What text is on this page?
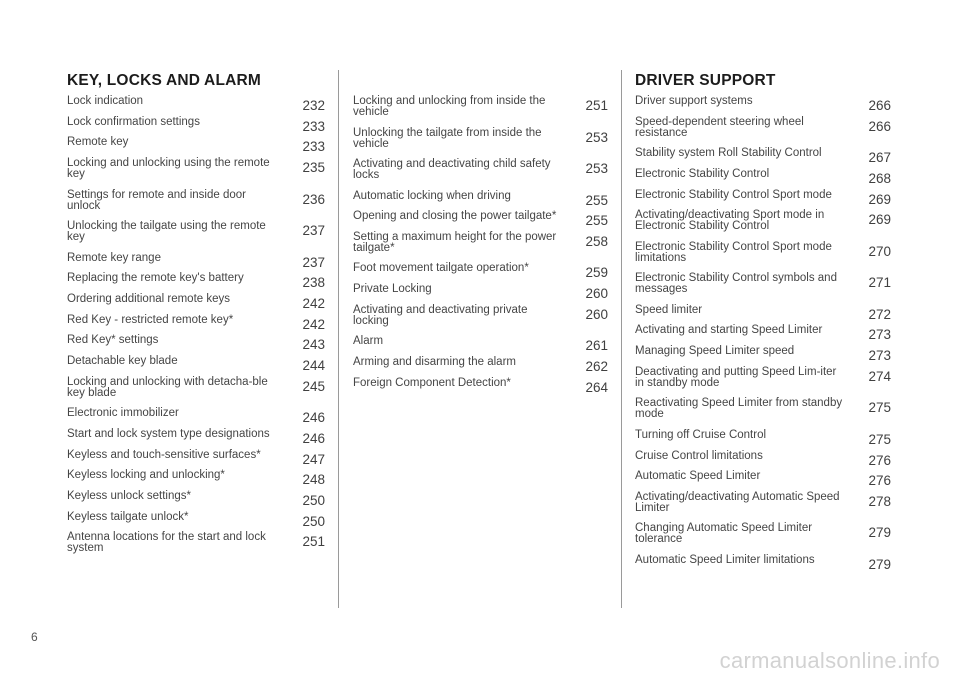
KEY, LOCKS AND ALARM	DRIVER SUPPORT
Lock indication	232
Lock confirmation settings	233
Remote key	233
Locking and unlocking using the remote key	235
Settings for remote and inside door unlock	236
Unlocking the tailgate using the remote key	237
Remote key range	237
Replacing the remote key's battery	238
Ordering additional remote keys	242
Red Key - restricted remote key*	242
Red Key* settings	243
Detachable key blade	244
Locking and unlocking with detacha-ble key blade	245
Electronic immobilizer	246
Start and lock system type designations	246
Keyless and touch-sensitive surfaces*	247
Keyless locking and unlocking*	248
Keyless unlock settings*	250
Keyless tailgate unlock*	250
Antenna locations for the start and lock system	251
Locking and unlocking from inside the vehicle	251
Unlocking the tailgate from inside the vehicle	253
Activating and deactivating child safety locks	253
Automatic locking when driving	255
Opening and closing the power tailgate*	255
Setting a maximum height for the power tailgate*	258
Foot movement tailgate operation*	259
Private Locking	260
Activating and deactivating private locking	260
Alarm	261
Arming and disarming the alarm	262
Foreign Component Detection*	264
Driver support systems	266
Speed-dependent steering wheel resistance	266
Stability system Roll Stability Control	267
Electronic Stability Control	268
Electronic Stability Control Sport mode	269
Activating/deactivating Sport mode in Electronic Stability Control	269
Electronic Stability Control Sport mode limitations	270
Electronic Stability Control symbols and messages	271
Speed limiter	272
Activating and starting Speed Limiter	273
Managing Speed Limiter speed	273
Deactivating and putting Speed Lim-iter in standby mode	274
Reactivating Speed Limiter from standby mode	275
Turning off Cruise Control	275
Cruise Control limitations	276
Automatic Speed Limiter	276
Activating/deactivating Automatic Speed Limiter	278
Changing Automatic Speed Limiter tolerance	279
Automatic Speed Limiter limitations	279
6
carmanualsonline.info
